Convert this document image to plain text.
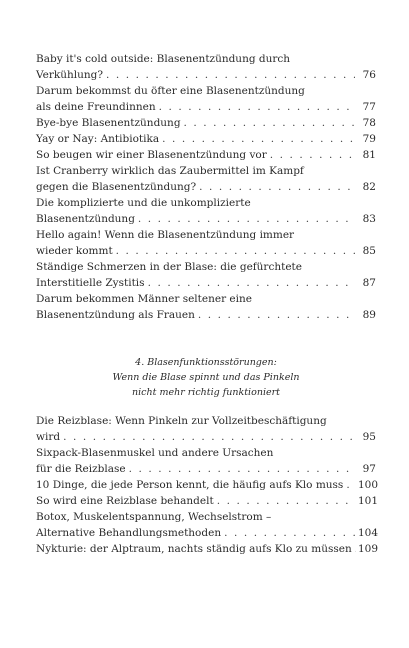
Baby it's cold outside: Blasenentzündung durch
Verkühlung? . . .	76
Darum bekommst du öfter eine Blasenentzündung
als deine Freundinnen . . .	77
Bye-bye Blasenentzündung . . .	78
Yay or Nay: Antibiotika . . .	79
So beugen wir einer Blasenentzündung vor . . .	81
Ist Cranberry wirklich das Zaubermittel im Kampf
gegen die Blasenentzündung? . . .	82
Die komplizierte und die unkomplizierte
Blasenentzündung . . .	83
Hello again! Wenn die Blasenentzündung immer
wieder kommt . . .	85
Ständige Schmerzen in der Blase: die gefürchtete
Interstitielle Zystitis . . .	87
Darum bekommen Männer seltener eine
Blasenentzündung als Frauen . . .	89
4. Blasenfunktionsstörungen:
Wenn die Blase spinnt und das Pinkeln
nicht mehr richtig funktioniert
Die Reizblase: Wenn Pinkeln zur Vollzeitbeschäftigung
wird . . .	95
Sixpack-Blasenmuskel und andere Ursachen
für die Reizblase . . .	97
10 Dinge, die jede Person kennt, die häufig aufs Klo muss . . . 100
So wird eine Reizblase behandelt . . .	101
Botox, Muskelentspannung, Wechselstrom –
Alternative Behandlungsmethoden . . .	104
Nykturie: der Alptraum, nachts ständig aufs Klo zu müssen . . . 109
